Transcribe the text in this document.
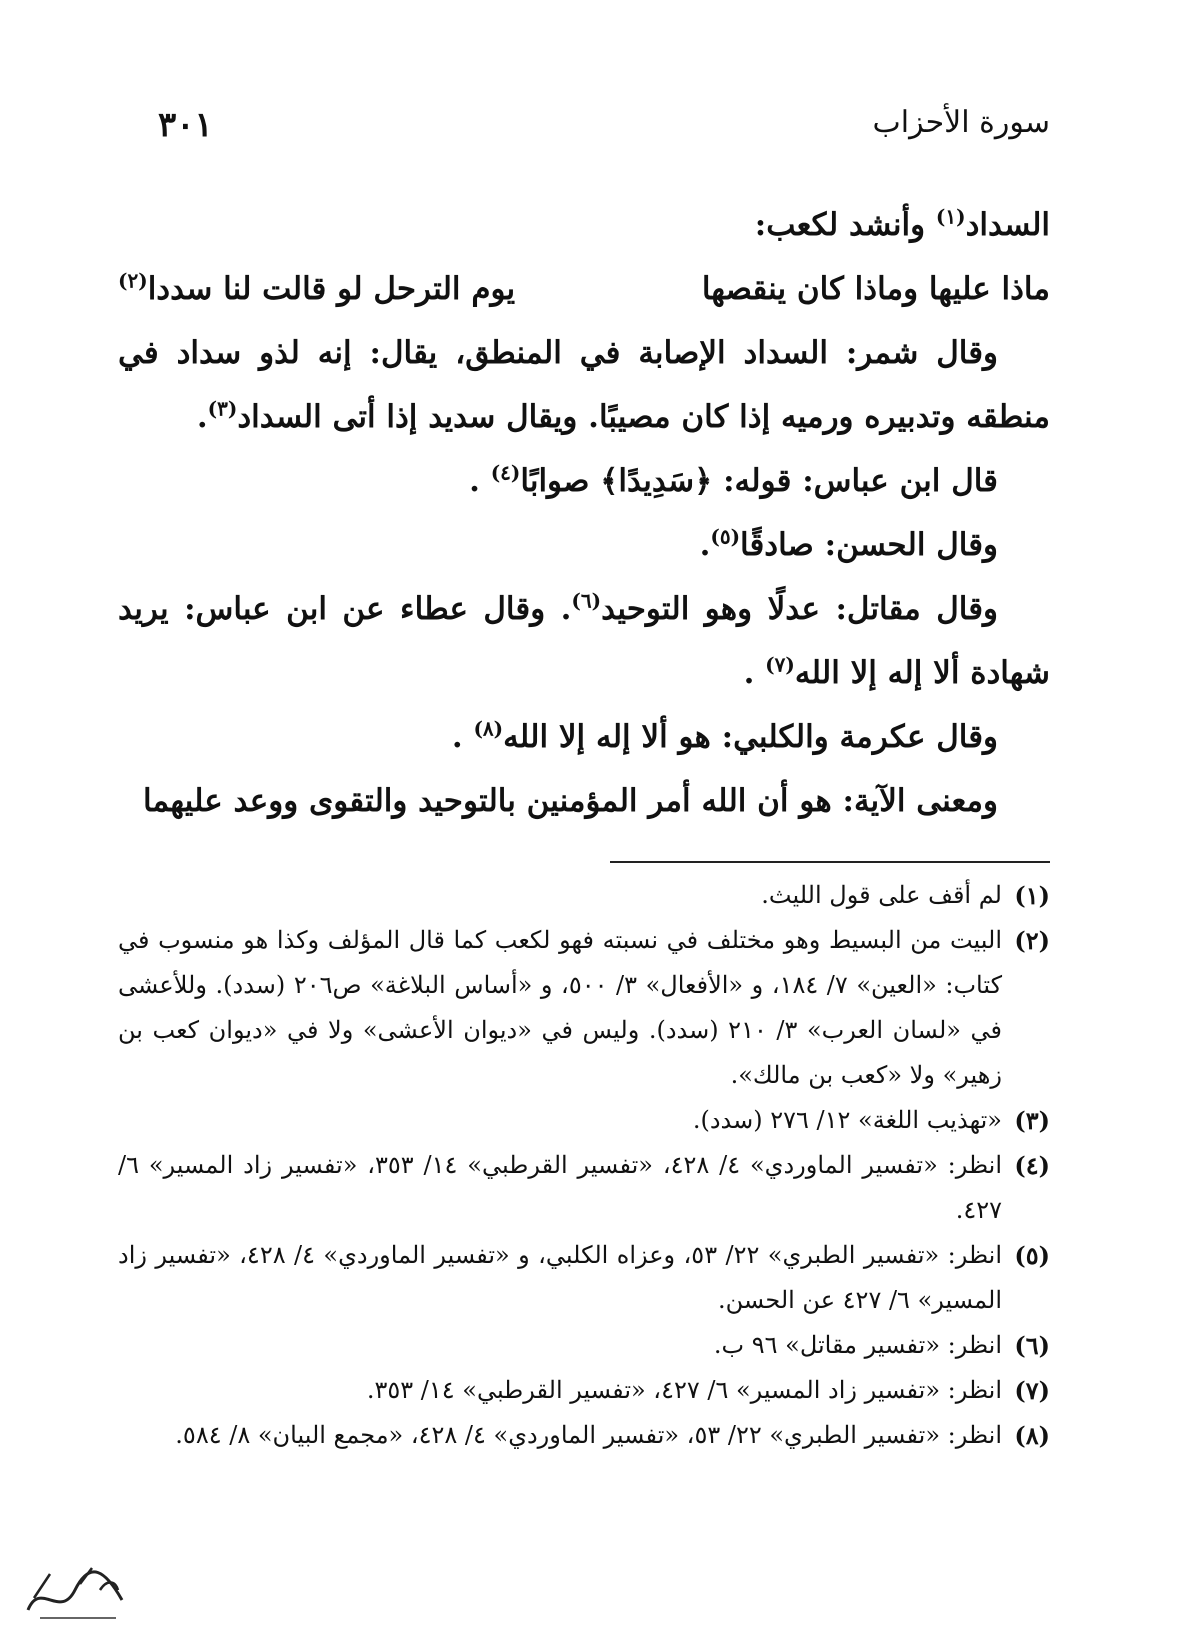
سورة الأحزاب
٣٠١

السداد$^{(١)}$ وأنشد لكعب:

ماذا عليها وماذا كان ينقصها
يوم الترحل لو قالت لنا سددا$^{(٢)}$

وقال شمر: السداد الإصابة في المنطق، يقال: إنه لذو سداد في منطقه وتدبيره ورميه إذا كان مصيبًا. ويقال سديد إذا أتى السداد$^{(٣)}$.

قال ابن عباس: قوله: ﴿سَدِيدًا﴾ صوابًا$^{(٤)}$ .

وقال الحسن: صادقًا$^{(٥)}$.

وقال مقاتل: عدلًا وهو التوحيد$^{(٦)}$. وقال عطاء عن ابن عباس: يريد شهادة ألا إله إلا الله$^{(٧)}$ .

وقال عكرمة والكلبي: هو ألا إله إلا الله$^{(٨)}$ .

ومعنى الآية: هو أن الله أمر المؤمنين بالتوحيد والتقوى ووعد عليهما

(١)
لم أقف على قول الليث.
(٢)
البيت من البسيط وهو مختلف في نسبته فهو لكعب كما قال المؤلف وكذا هو منسوب في كتاب: «العين» ٧/ ١٨٤، و «الأفعال» ٣/ ٥٠٠، و «أساس البلاغة» ص٢٠٦ (سدد). وللأعشى في «لسان العرب» ٣/ ٢١٠ (سدد). وليس في «ديوان الأعشى» ولا في «ديوان كعب بن زهير» ولا «كعب بن مالك».
(٣)
«تهذيب اللغة» ١٢/ ٢٧٦ (سدد).
(٤)
انظر: «تفسير الماوردي» ٤/ ٤٢٨، «تفسير القرطبي» ١٤/ ٣٥٣، «تفسير زاد المسير» ٦/ ٤٢٧.
(٥)
انظر: «تفسير الطبري» ٢٢/ ٥٣، وعزاه الكلبي، و «تفسير الماوردي» ٤/ ٤٢٨، «تفسير زاد المسير» ٦/ ٤٢٧ عن الحسن.
(٦)
انظر: «تفسير مقاتل» ٩٦ ب.
(٧)
انظر: «تفسير زاد المسير» ٦/ ٤٢٧، «تفسير القرطبي» ١٤/ ٣٥٣.
(٨)
انظر: «تفسير الطبري» ٢٢/ ٥٣، «تفسير الماوردي» ٤/ ٤٢٨، «مجمع البيان» ٨/ ٥٨٤.
